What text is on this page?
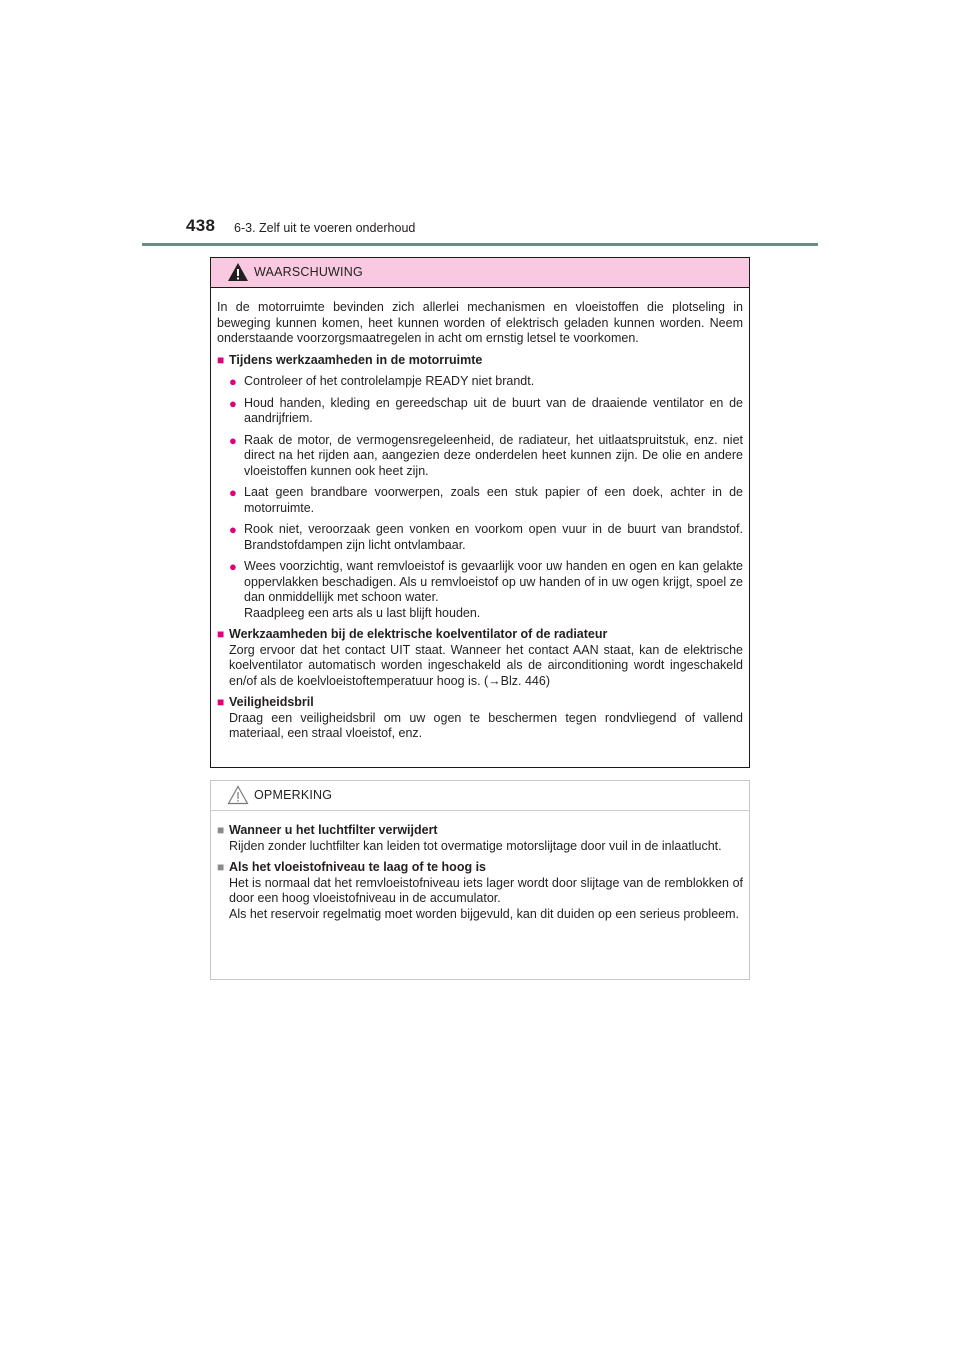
438 6-3. Zelf uit te voeren onderhoud
WAARSCHUWING

In de motorruimte bevinden zich allerlei mechanismen en vloeistoffen die plotseling in beweging kunnen komen, heet kunnen worden of elektrisch geladen kunnen worden. Neem onderstaande voorzorgsmaatregelen in acht om ernstig letsel te voorkomen.

■ Tijdens werkzaamheden in de motorruimte
● Controleer of het controlelampje READY niet brandt.
● Houd handen, kleding en gereedschap uit de buurt van de draaiende ventilator en de aandrijfriem.
● Raak de motor, de vermogensregeleenheid, de radiateur, het uitlaatspruitstuk, enz. niet direct na het rijden aan, aangezien deze onderdelen heet kunnen zijn. De olie en andere vloeistoffen kunnen ook heet zijn.
● Laat geen brandbare voorwerpen, zoals een stuk papier of een doek, achter in de motorruimte.
● Rook niet, veroorzaak geen vonken en voorkom open vuur in de buurt van brandstof. Brandstofdampen zijn licht ontvlambaar.
● Wees voorzichtig, want remvloeistof is gevaarlijk voor uw handen en ogen en kan gelakte oppervlakken beschadigen. Als u remvloeistof op uw handen of in uw ogen krijgt, spoel ze dan onmiddellijk met schoon water.
Raadpleeg een arts als u last blijft houden.
■ Werkzaamheden bij de elektrische koelventilator of de radiateur

Zorg ervoor dat het contact UIT staat. Wanneer het contact AAN staat, kan de elektrische koelventilator automatisch worden ingeschakeld als de airconditioning wordt ingeschakeld en/of als de koelvloeistoftemperatuur hoog is. (→Blz. 446)

■ Veiligheidsbril

Draag een veiligheidsbril om uw ogen te beschermen tegen rondvliegend of vallend materiaal, een straal vloeistof, enz.

OPMERKING
■ Wanneer u het luchtfilter verwijdert

Rijden zonder luchtfilter kan leiden tot overmatige motorslijtage door vuil in de inlaatlucht.

■ Als het vloeistofniveau te laag of te hoog is

Het is normaal dat het remvloeistofniveau iets lager wordt door slijtage van de remblokken of door een hoog vloeistofniveau in de accumulator.
Als het reservoir regelmatig moet worden bijgevuld, kan dit duiden op een serieus probleem.
